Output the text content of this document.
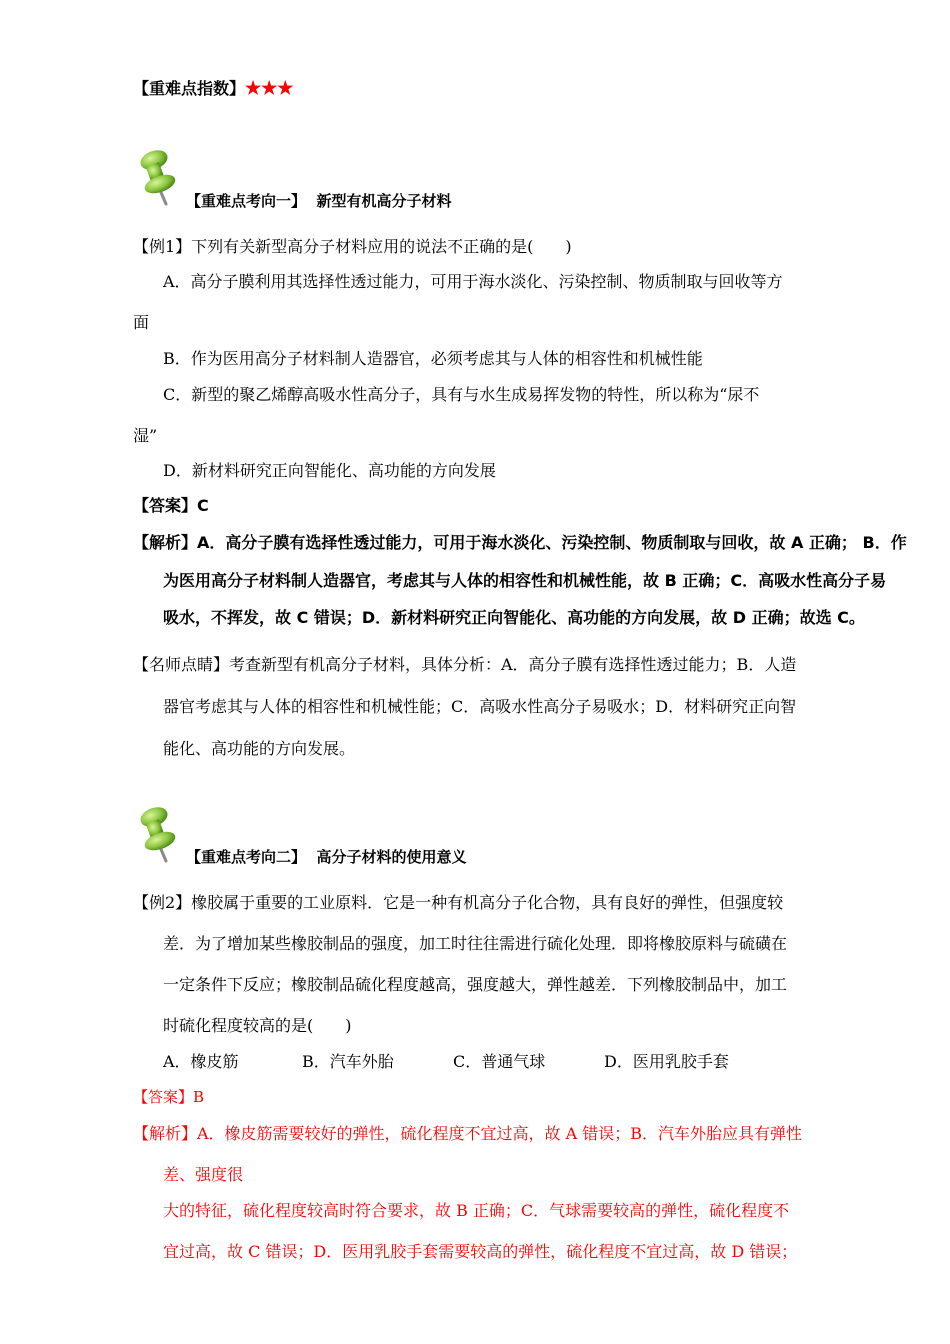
【重难点指数】★★★
【重难点考向一】 新型有机高分子材料
【例1】下列有关新型高分子材料应用的说法不正确的是(　　)
A．高分子膜利用其选择性透过能力，可用于海水淡化、污染控制、物质制取与回收等方
面
B．作为医用高分子材料制人造器官，必须考虑其与人体的相容性和机械性能
C．新型的聚乙烯醇高吸水性高分子，具有与水生成易挥发物的特性，所以称为“尿不
湿”
D．新材料研究正向智能化、高功能的方向发展
【答案】C
【解析】A．高分子膜有选择性透过能力，可用于海水淡化、污染控制、物质制取与回收，故 A 正确； B．作
为医用高分子材料制人造器官，考虑其与人体的相容性和机械性能，故 B 正确；C．高吸水性高分子易
吸水，不挥发，故 C 错误；D．新材料研究正向智能化、高功能的方向发展，故 D 正确；故选 C。
【名师点睛】考查新型有机高分子材料，具体分析：A．高分子膜有选择性透过能力；B．人造
器官考虑其与人体的相容性和机械性能；C．高吸水性高分子易吸水；D．材料研究正向智
能化、高功能的方向发展。
【重难点考向二】 高分子材料的使用意义
【例2】橡胶属于重要的工业原料．它是一种有机高分子化合物，具有良好的弹性，但强度较
差．为了增加某些橡胶制品的强度，加工时往往需进行硫化处理．即将橡胶原料与硫磺在
一定条件下反应；橡胶制品硫化程度越高，强度越大，弹性越差．下列橡胶制品中，加工
时硫化程度较高的是(　　)
A．橡皮筋	B．汽车外胎	C．普通气球	D．医用乳胶手套
【答案】B
【解析】A．橡皮筋需要较好的弹性，硫化程度不宜过高，故 A 错误；B．汽车外胎应具有弹性
差、强度很
大的特征，硫化程度较高时符合要求，故 B 正确；C．气球需要较高的弹性，硫化程度不
宜过高，故 C 错误；D．医用乳胶手套需要较高的弹性，硫化程度不宜过高，故 D 错误；
